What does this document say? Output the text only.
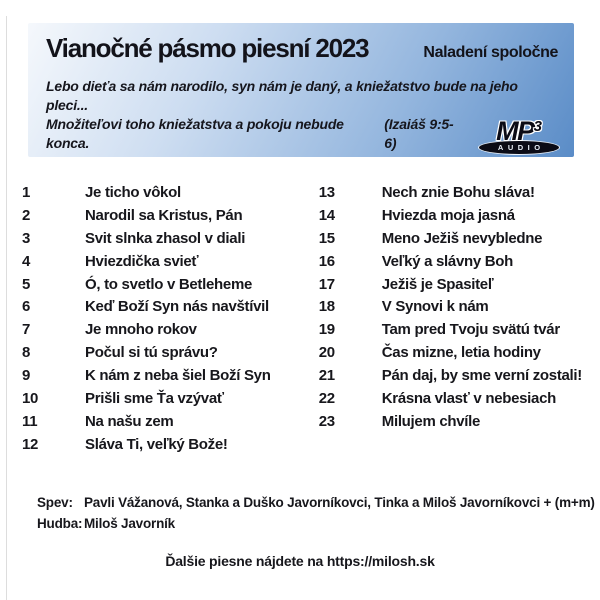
Vianočné pásmo piesní 2023	Naladení spoločne
Lebo dieťa sa nám narodilo, syn nám je daný, a kniežatstvo bude na jeho pleci...
Množiteľovi toho kniežatstva a pokoju nebude konca.
(Izaiáš 9:5-6)	$MP^3$
AUDIO
1	Je ticho vôkol
2	Narodil sa Kristus, Pán
3	Svit slnka zhasol v diali
4	Hviezdička svieť
5	Ó, to svetlo v Betleheme
6	Keď Boží Syn nás navštívil
7	Je mnoho rokov
8	Počul si tú správu?
9	K nám z neba šiel Boží Syn
10	Prišli sme Ťa vzývať
11	Na našu zem
12	Sláva Ti, veľký Bože!
13	Nech znie Bohu sláva!
14	Hviezda moja jasná
15	Meno Ježiš nevybledne
16	Veľký a slávny Boh
17	Ježiš je Spasiteľ
18	V Synovi k nám
19	Tam pred Tvoju svätú tvár
20	Čas mizne, letia hodiny
21	Pán daj, by sme verní zostali!
22	Krásna vlasť v nebesiach
23	Milujem chvíle
Spev: Pavli Vážanová, Stanka a Duško Javorníkovci, Tinka a Miloš Javorníkovci + (m+m)
Hudba: Miloš Javorník
Ďalšie piesne nájdete na https://milosh.sk
